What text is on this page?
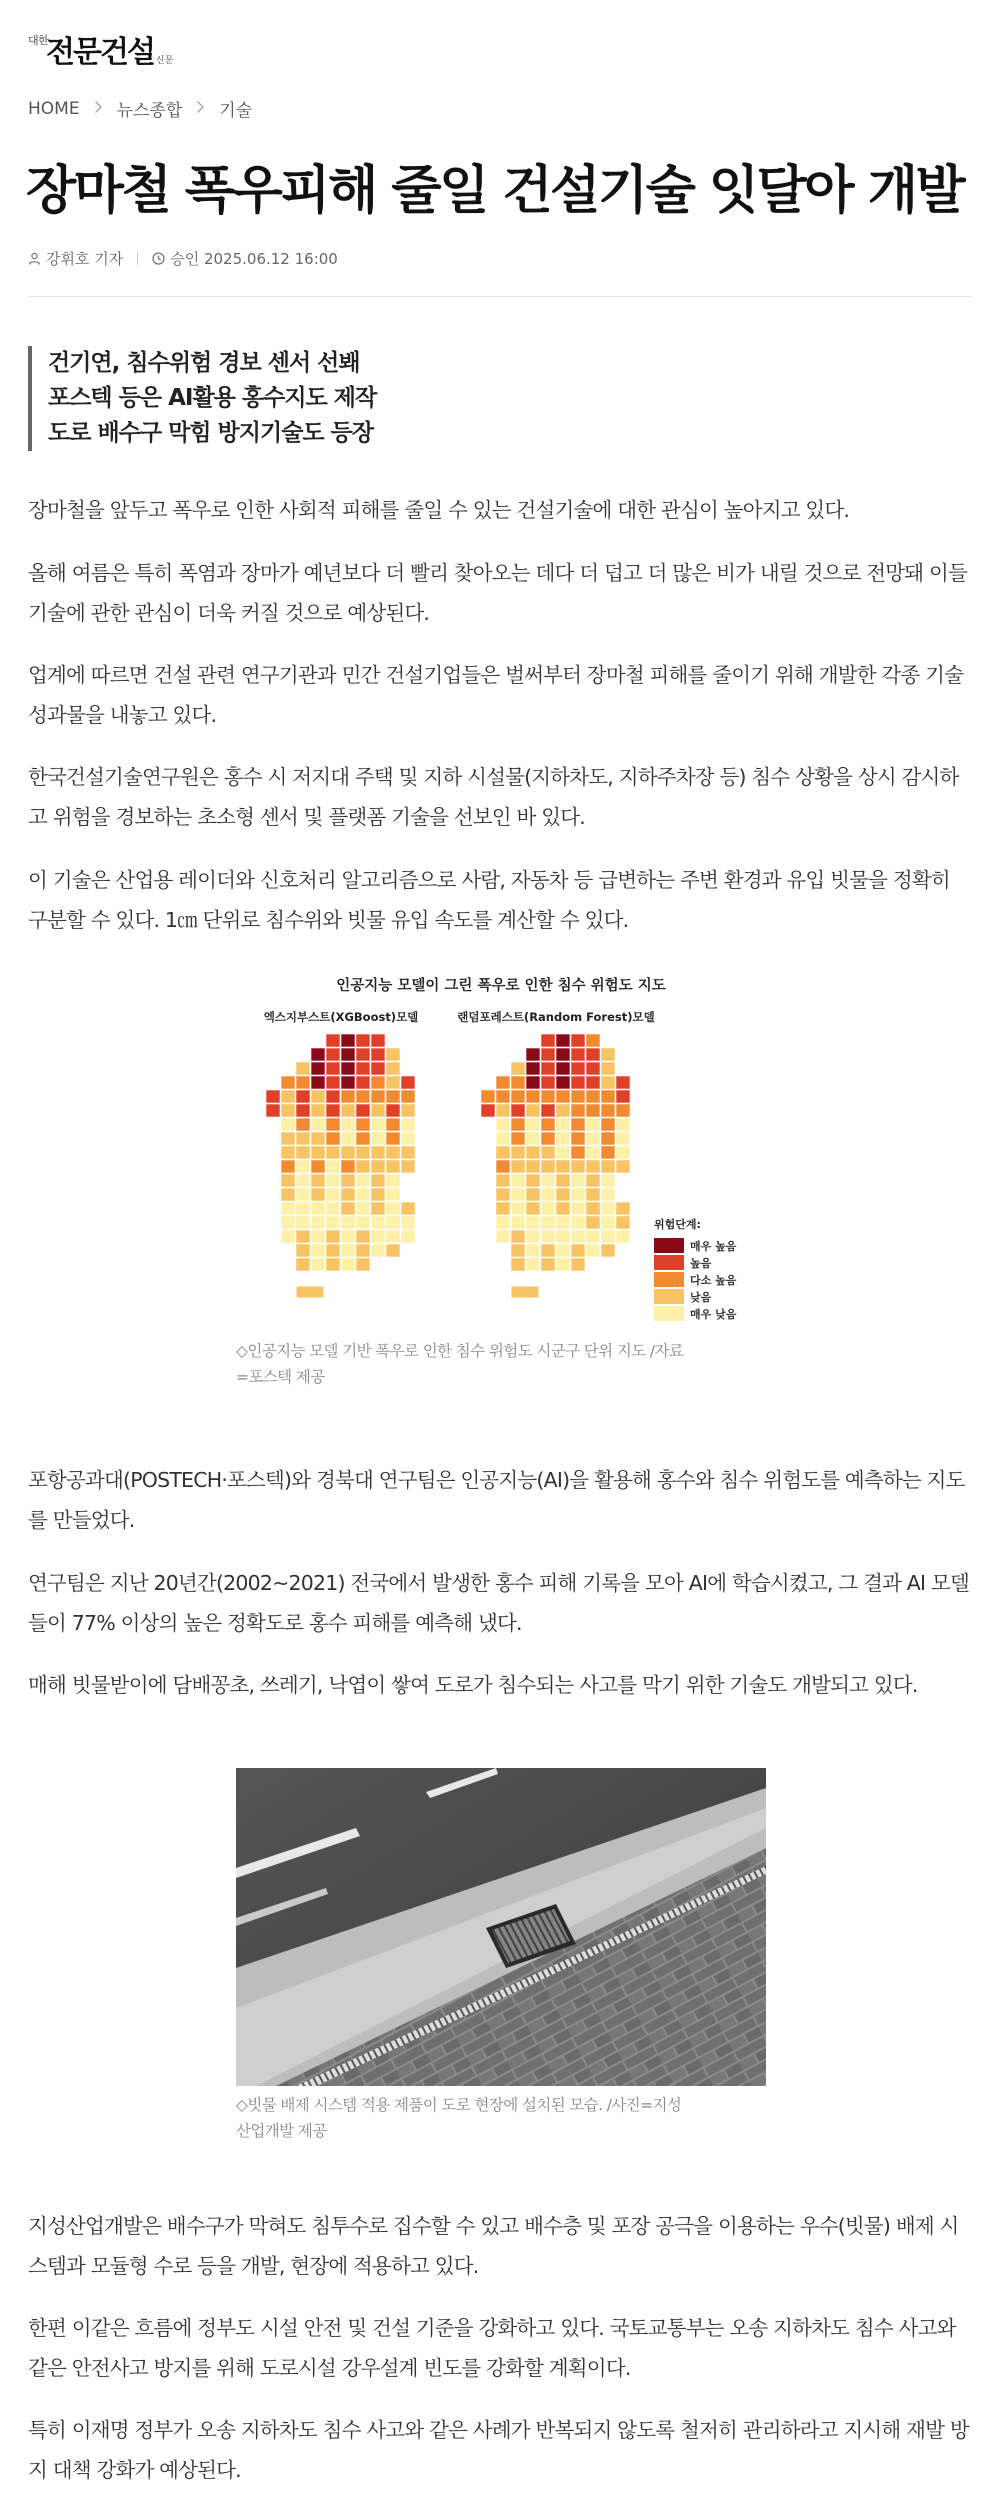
대한
전문건설 신문
HOME 뉴스종합 기술
장마철 폭우피해 줄일 건설기술 잇달아 개발
강휘호 기자	승인 2025.06.12 16:00

건기연, 침수위험 경보 센서 선봬

포스텍 등은 AI활용 홍수지도 제작

도로 배수구 막힘 방지기술도 등장

장마철을 앞두고 폭우로 인한 사회적 피해를 줄일 수 있는 건설기술에 대한 관심이 높아지고 있다.

올해 여름은 특히 폭염과 장마가 예년보다 더 빨리 찾아오는 데다 더 덥고 더 많은 비가 내릴 것으로 전망돼 이들 기술에 관한 관심이 더욱 커질 것으로 예상된다.

업계에 따르면 건설 관련 연구기관과 민간 건설기업들은 벌써부터 장마철 피해를 줄이기 위해 개발한 각종 기술 성과물을 내놓고 있다.

한국건설기술연구원은 홍수 시 저지대 주택 및 지하 시설물(지하차도, 지하주차장 등) 침수 상황을 상시 감시하고 위험을 경보하는 초소형 센서 및 플랫폼 기술을 선보인 바 있다.

이 기술은 산업용 레이더와 신호처리 알고리즘으로 사람, 자동차 등 급변하는 주변 환경과 유입 빗물을 정확히 구분할 수 있다. 1㎝ 단위로 침수위와 빗물 유입 속도를 계산할 수 있다.

인공지능 모델이 그린 폭우로 인한 침수 위험도 지도
엑스지부스트(XGBoost)모델	랜덤포레스트(Random Forest)모델
위험단계:
매우 높음
높음
다소 높음
낮음
매우 낮음
◇인공지능 모델 기반 폭우로 인한 침수 위험도 시군구 단위 지도 /자료
=포스텍 제공

포항공과대(POSTECH·포스텍)와 경북대 연구팀은 인공지능(AI)을 활용해 홍수와 침수 위험도를 예측하는 지도를 만들었다.

연구팀은 지난 20년간(2002~2021) 전국에서 발생한 홍수 피해 기록을 모아 AI에 학습시켰고, 그 결과 AI 모델들이 77% 이상의 높은 정확도로 홍수 피해를 예측해 냈다.

매해 빗물받이에 담배꽁초, 쓰레기, 낙엽이 쌓여 도로가 침수되는 사고를 막기 위한 기술도 개발되고 있다.

◇빗물 배제 시스템 적용 제품이 도로 현장에 설치된 모습. /사진=지성
산업개발 제공

지성산업개발은 배수구가 막혀도 침투수로 집수할 수 있고 배수층 및 포장 공극을 이용하는 우수(빗물) 배제 시스템과 모듈형 수로 등을 개발, 현장에 적용하고 있다.

한편 이같은 흐름에 정부도 시설 안전 및 건설 기준을 강화하고 있다. 국토교통부는 오송 지하차도 침수 사고와 같은 안전사고 방지를 위해 도로시설 강우설계 빈도를 강화할 계획이다.

특히 이재명 정부가 오송 지하차도 침수 사고와 같은 사례가 반복되지 않도록 철저히 관리하라고 지시해 재발 방지 대책 강화가 예상된다.
